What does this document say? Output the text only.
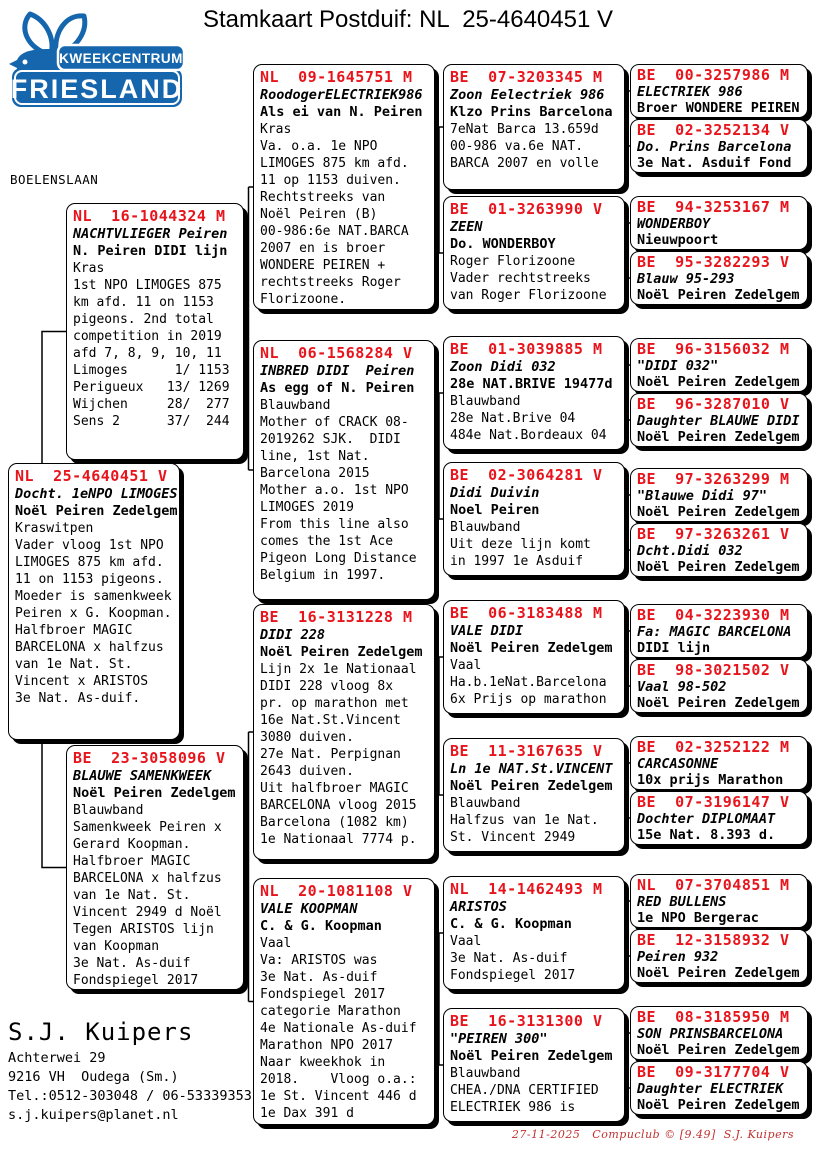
Stamkaart Postduif: NL  25-4640451 V
KWEEKCENTRUM
FRIESLAND
BOELENSLAAN
NL  25-4640451 V
Docht. 1eNPO LIMOGES
Noël Peiren Zedelgem
Kraswitpen
Vader vloog 1st NPO
LIMOGES 875 km afd.
11 on 1153 pigeons.
Moeder is samenkweek
Peiren x G. Koopman.
Halfbroer MAGIC
BARCELONA x halfzus
van 1e Nat. St.
Vincent x ARISTOS
3e Nat. As-duif.
NL  16-1044324 M
NACHTVLIEGER Peiren
N. Peiren DIDI lijn
Kras
1st NPO LIMOGES 875
km afd. 11 on 1153
pigeons. 2nd total
competition in 2019
afd 7, 8, 9, 10, 11
Limoges      1/ 1153
Perigueux   13/ 1269
Wijchen     28/  277
Sens 2      37/  244
BE  23-3058096 V
BLAUWE SAMENKWEEK
Noël Peiren Zedelgem
Blauwband
Samenkweek Peiren x
Gerard Koopman.
Halfbroer MAGIC
BARCELONA x halfzus
van 1e Nat. St.
Vincent 2949 d Noël
Tegen ARISTOS lijn
van Koopman
3e Nat. As-duif
Fondspiegel 2017
NL  09-1645751 M
RoodogerELECTRIEK986
Als ei van N. Peiren
Kras
Va. o.a. 1e NPO
LIMOGES 875 km afd.
11 op 1153 duiven.
Rechtstreeks van
Noël Peiren (B)
00-986:6e NAT.BARCA
2007 en is broer
WONDERE PEIREN +
rechtstreeks Roger
Florizoone.
NL  06-1568284 V
INBRED DIDI  Peiren
As egg of N. Peiren
Blauwband
Mother of CRACK 08-
2019262 SJK.  DIDI
line, 1st Nat.
Barcelona 2015
Mother a.o. 1st NPO
LIMOGES 2019
From this line also
comes the 1st Ace
Pigeon Long Distance
Belgium in 1997.
BE  16-3131228 M
DIDI 228
Noël Peiren Zedelgem
Lijn 2x 1e Nationaal
DIDI 228 vloog 8x
pr. op marathon met
16e Nat.St.Vincent
3080 duiven.
27e Nat. Perpignan
2643 duiven.
Uit halfbroer MAGIC
BARCELONA vloog 2015
Barcelona (1082 km)
1e Nationaal 7774 p.
NL  20-1081108 V
VALE KOOPMAN
C. & G. Koopman
Vaal
Va: ARISTOS was
3e Nat. As-duif
Fondspiegel 2017
categorie Marathon
4e Nationale As-duif
Marathon NPO 2017
Naar kweekhok in
2018.    Vloog o.a.:
1e St. Vincent 446 d
1e Dax 391 d
BE  07-3203345 M
Zoon Eelectriek 986
Klzo Prins Barcelona
7eNat Barca 13.659d
00-986 va.6e NAT.
BARCA 2007 en volle
BE  01-3263990 V
ZEEN
Do. WONDERBOY
Roger Florizoone
Vader rechtstreeks
van Roger Florizoone
BE  01-3039885 M
Zoon Didi 032
28e NAT.BRIVE 19477d
Blauwband
28e Nat.Brive 04
484e Nat.Bordeaux 04
BE  02-3064281 V
Didi Duivin
Noel Peiren
Blauwband
Uit deze lijn komt
in 1997 1e Asduif
BE  06-3183488 M
VALE DIDI
Noël Peiren Zedelgem
Vaal
Ha.b.1eNat.Barcelona
6x Prijs op marathon
BE  11-3167635 V
Ln 1e NAT.St.VINCENT
Noël Peiren Zedelgem
Blauwband
Halfzus van 1e Nat.
St. Vincent 2949
NL  14-1462493 M
ARISTOS
C. & G. Koopman
Vaal
3e Nat. As-duif
Fondspiegel 2017
BE  16-3131300 V
"PEIREN 300"
Noël Peiren Zedelgem
Blauwband
CHEA./DNA CERTIFIED
ELECTRIEK 986 is
BE  00-3257986 M
ELECTRIEK 986
Broer WONDERE PEIREN
BE  02-3252134 V
Do. Prins Barcelona
3e Nat. Asduif Fond
BE  94-3253167 M
WONDERBOY
Nieuwpoort
BE  95-3282293 V
Blauw 95-293
Noël Peiren Zedelgem
BE  96-3156032 M
"DIDI 032"
Noël Peiren Zedelgem
BE  96-3287010 V
Daughter BLAUWE DIDI
Noël Peiren Zedelgem
BE  97-3263299 M
"Blauwe Didi 97"
Noël Peiren Zedelgem
BE  97-3263261 V
Dcht.Didi 032
Noël Peiren Zedelgem
BE  04-3223930 M
Fa: MAGIC BARCELONA
DIDI lijn
BE  98-3021502 V
Vaal 98-502
Noël Peiren Zedelgem
BE  02-3252122 M
CARCASONNE
10x prijs Marathon
BE  07-3196147 V
Dochter DIPLOMAAT
15e Nat. 8.393 d.
NL  07-3704851 M
RED BULLENS
1e NPO Bergerac
BE  12-3158932 V
Peiren 932
Noël Peiren Zedelgem
BE  08-3185950 M
SON PRINSBARCELONA
Noël Peiren Zedelgem
BE  09-3177704 V
Daughter ELECTRIEK
Noël Peiren Zedelgem
S.J. Kuipers
Achterwei 29
9216 VH  Oudega (Sm.)
Tel.:0512-303048 / 06-53339353
s.j.kuipers@planet.nl
27-11-2025   Compuclub © [9.49]  S.J. Kuipers
